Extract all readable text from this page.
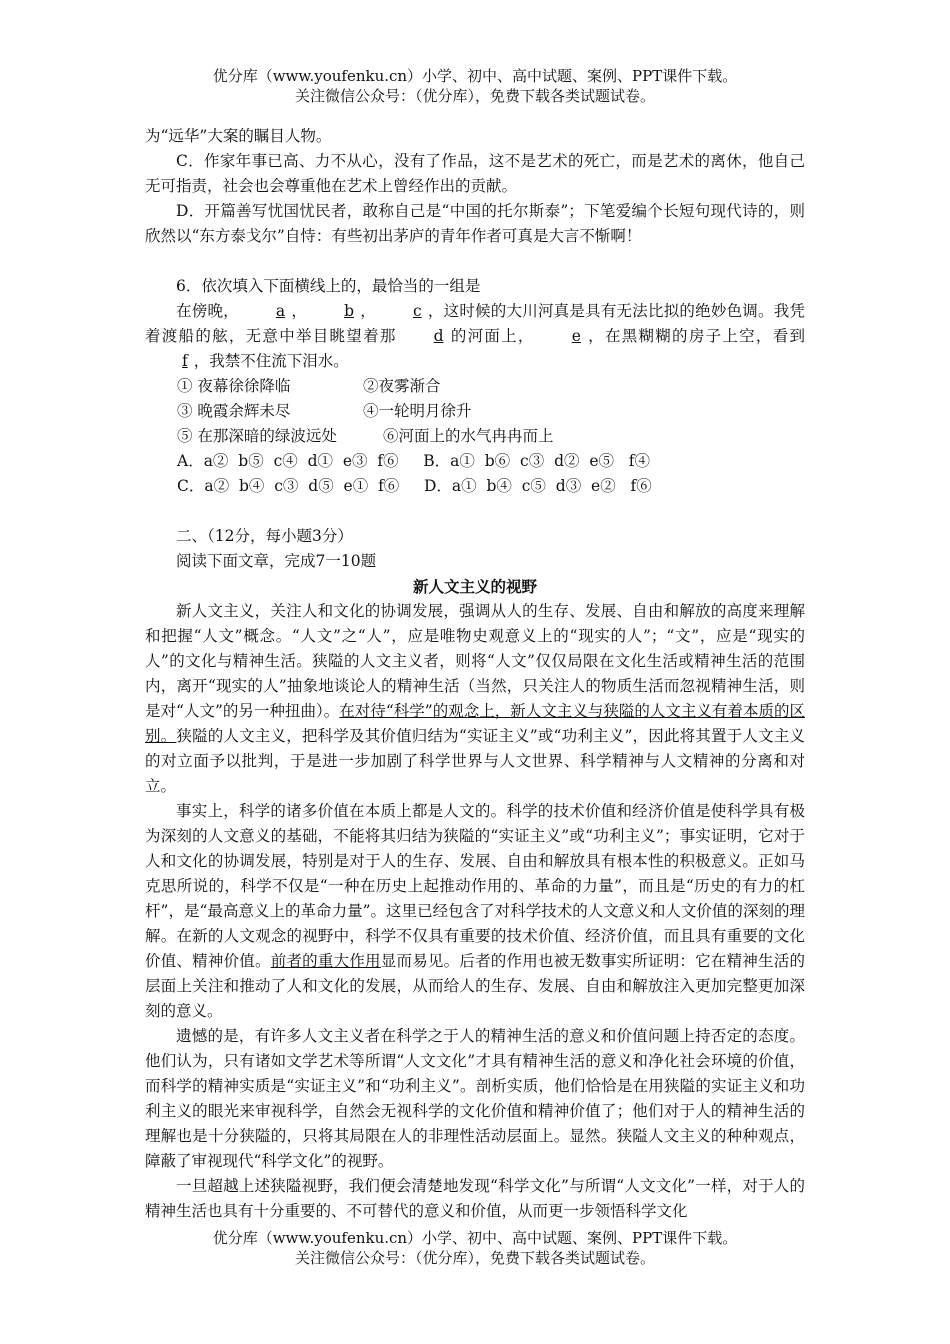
优分库（www.youfenku.cn）小学、初中、高中试题、案例、PPT课件下载。
关注微信公众号：（优分库），免费下载各类试题试卷。

为“远华”大案的瞩目人物。

C．作家年事已高、力不从心，没有了作品，这不是艺术的死亡，而是艺术的离休，他自己无可指责，社会也会尊重他在艺术上曾经作出的贡献。

D．开篇善写忧国忧民者，敢称自己是“中国的托尔斯泰”；下笔爱编个长短句现代诗的，则欣然以“东方泰戈尔”自恃：有些初出茅庐的青年作者可真是大言不惭啊！

6．依次填入下面横线上的，最恰当的一组是

在傍晚， a ， b ， c ，这时候的大川河真是具有无法比拟的绝妙色调。我凭着渡船的舷，无意中举目眺望着那 d 的河面上， e ，在黑糊糊的房子上空，看到f ，我禁不住流下泪水。

① 夜幕徐徐降临	②夜雾渐合
③ 晚霞余辉未尽	④一轮明月徐升
⑤ 在那深暗的绿波远处	⑥河面上的水气冉冉而上
A．a②  b⑤  c④  d①  e③  f⑥     B．a①  b⑥  c③  d②  e⑤   f④
C．a②  b④  c③  d⑤  e①  f⑥     D．a①  b④  c⑤  d③  e②   f⑥

二、（12分，每小题3分）

阅读下面文章，完成7一10题

新人文主义的视野

新人文主义，关注人和文化的协调发展，强调从人的生存、发展、自由和解放的高度来理解和把握“人文”概念。“人文”之“人”，应是唯物史观意义上的“现实的人”；“文”，应是“现实的人”的文化与精神生活。狭隘的人文主义者，则将“人文”仅仅局限在文化生活或精神生活的范围内，离开“现实的人”抽象地谈论人的精神生活（当然，只关注人的物质生活而忽视精神生活，则是对“人文”的另一种扭曲）。在对待“科学”的观念上，新人文主义与狭隘的人文主义有着本质的区别。狭隘的人文主义，把科学及其价值归结为“实证主义”或“功利主义”，因此将其置于人文主义的对立面予以批判，于是进一步加剧了科学世界与人文世界、科学精神与人文精神的分离和对立。

事实上，科学的诸多价值在本质上都是人文的。科学的技术价值和经济价值是使科学具有极为深刻的人文意义的基础，不能将其归结为狭隘的“实证主义”或“功利主义”；事实证明，它对于人和文化的协调发展，特别是对于人的生存、发展、自由和解放具有根本性的积极意义。正如马克思所说的，科学不仅是“一种在历史上起推动作用的、革命的力量”，而且是“历史的有力的杠杆”，是“最高意义上的革命力量”。这里已经包含了对科学技术的人文意义和人文价值的深刻的理解。在新的人文观念的视野中，科学不仅具有重要的技术价值、经济价值，而且具有重要的文化价值、精神价值。前者的重大作用显而易见。后者的作用也被无数事实所证明：它在精神生活的层面上关注和推动了人和文化的发展，从而给人的生存、发展、自由和解放注入更加完整更加深刻的意义。

遗憾的是，有许多人文主义者在科学之于人的精神生活的意义和价值问题上持否定的态度。他们认为，只有诸如文学艺术等所谓“人文文化”才具有精神生活的意义和净化社会环境的价值，而科学的精神实质是“实证主义”和“功利主义”。剖析实质，他们恰恰是在用狭隘的实证主义和功利主义的眼光来审视科学，自然会无视科学的文化价值和精神价值了；他们对于人的精神生活的理解也是十分狭隘的，只将其局限在人的非理性活动层面上。显然。狭隘人文主义的种种观点，障蔽了审视现代“科学文化”的视野。

一旦超越上述狭隘视野，我们便会清楚地发现“科学文化”与所谓“人文文化”一样，对于人的精神生活也具有十分重要的、不可替代的意义和价值，从而更一步领悟科学文化

优分库（www.youfenku.cn）小学、初中、高中试题、案例、PPT课件下载。
关注微信公众号：（优分库），免费下载各类试题试卷。
